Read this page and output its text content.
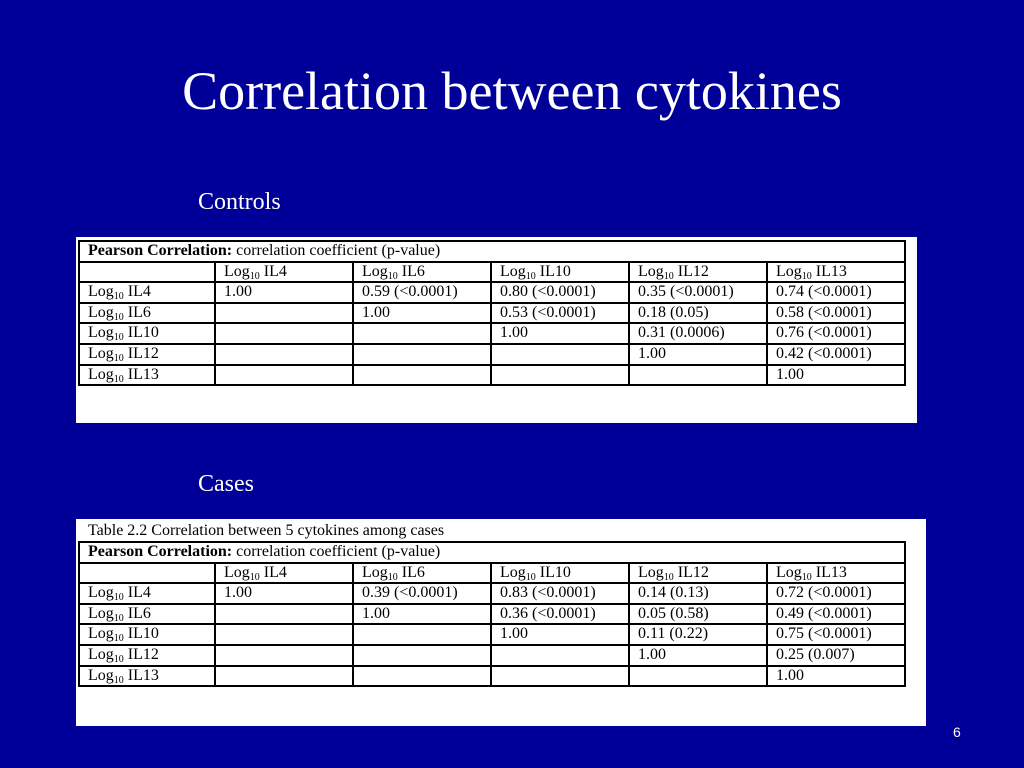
Correlation between cytokines
Controls
Pearson Correlation: correlation coefficient (p-value)					
	Log$_{10}$ IL4	Log$_{10}$ IL6	Log$_{10}$ IL10	Log$_{10}$ IL12	Log$_{10}$ IL13
Log$_{10}$ IL4	1.00	0.59 (<0.0001)	0.80 (<0.0001)	0.35 (<0.0001)	0.74 (<0.0001)
Log$_{10}$ IL6		1.00	0.53 (<0.0001)	0.18 (0.05)	0.58 (<0.0001)
Log$_{10}$ IL10			1.00	0.31 (0.0006)	0.76 (<0.0001)
Log$_{10}$ IL12				1.00	0.42 (<0.0001)
Log$_{10}$ IL13					1.00
Cases
Table 2.2 Correlation between 5 cytokines among cases
Pearson Correlation: correlation coefficient (p-value)					
	Log$_{10}$ IL4	Log$_{10}$ IL6	Log$_{10}$ IL10	Log$_{10}$ IL12	Log$_{10}$ IL13
Log$_{10}$ IL4	1.00	0.39 (<0.0001)	0.83 (<0.0001)	0.14 (0.13)	0.72 (<0.0001)
Log$_{10}$ IL6		1.00	0.36 (<0.0001)	0.05 (0.58)	0.49 (<0.0001)
Log$_{10}$ IL10			1.00	0.11 (0.22)	0.75 (<0.0001)
Log$_{10}$ IL12				1.00	0.25 (0.007)
Log$_{10}$ IL13					1.00
6
